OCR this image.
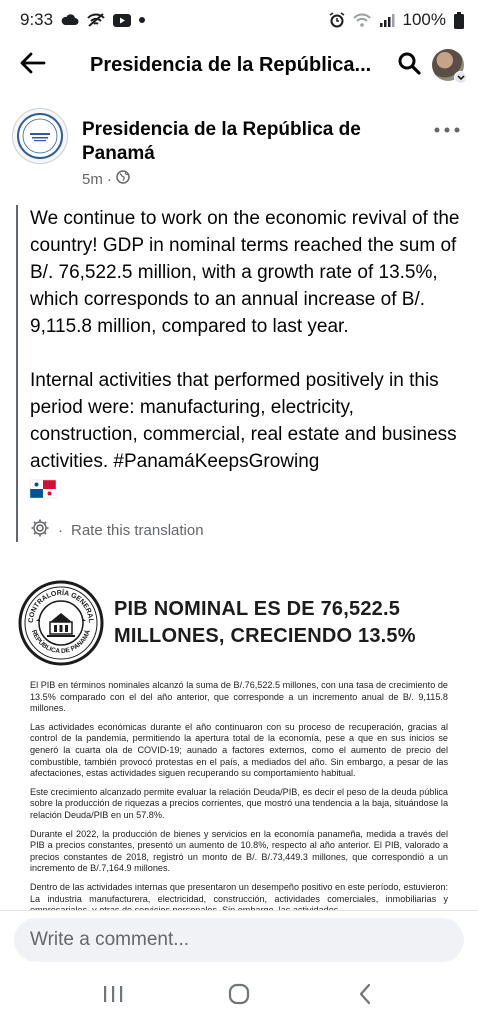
9:33	100%
Presidencia de la República...
Presidencia de la República de Panamá
5m ·

We continue to work on the economic revival of the country! GDP in nominal terms reached the sum of B/. 76,522.5 million, with a growth rate of 13.5%, which corresponds to an annual increase of B/. 9,115.8 million, compared to last year.

Internal activities that performed positively in this period were: manufacturing, electricity, construction, commercial, real estate and business activities. #PanamáKeepsGrowing

· Rate this translation
CONTRALORÍA GENERAL
REPÚBLICA DE PANAMÁ
PIB NOMINAL ES DE 76,522.5
MILLONES, CRECIENDO 13.5%

El PIB en términos nominales alcanzó la suma de B/.76,522.5 millones, con una tasa de crecimiento de 13.5% comparado con el del año anterior, que corresponde a un incremento anual de B/. 9,115.8 millones.

Las actividades económicas durante el año continuaron con su proceso de recuperación, gracias al control de la pandemia, permitiendo la apertura total de la economía, pese a que en sus inicios se generó la cuarta ola de COVID-19; aunado a factores externos, como el aumento de precio del combustible, también provocó protestas en el país, a mediados del año. Sin embargo, a pesar de las afectaciones, estas actividades siguen recuperando su comportamiento habitual.

Este crecimiento alcanzado permite evaluar la relación Deuda/PIB, es decir el peso de la deuda pública sobre la producción de riquezas a precios corrientes, que mostró una tendencia a la baja, situándose la relación Deuda/PIB en un 57.8%.

Durante el 2022, la producción de bienes y servicios en la economía panameña, medida a través del PIB a precios constantes, presentó un aumento de 10.8%, respecto al año anterior. El PIB, valorado a precios constantes de 2018, registró un monto de B/. B/.73,449.3 millones, que correspondió a un incremento de B/.7,164.9 millones.

Dentro de las actividades internas que presentaron un desempeño positivo en este período, estuvieron: La industria manufacturera, electricidad, construcción, actividades comerciales, inmobiliarias y

Write a comment...
